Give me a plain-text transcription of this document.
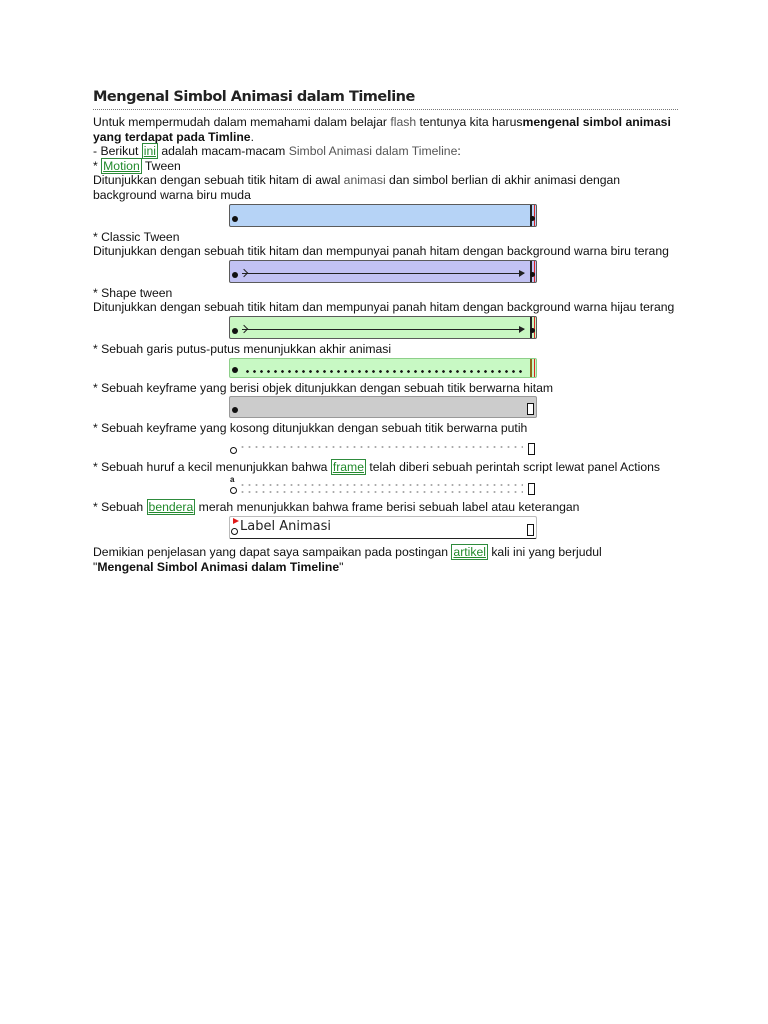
Mengenal Simbol Animasi dalam Timeline

Untuk mempermudah dalam memahami dalam belajar flash tentunya kita harusmengenal simbol animasi yang terdapat pada Timline.

- Berikut ini adalah macam-macam Simbol Animasi dalam Timeline:

* Motion Tween

Ditunjukkan dengan sebuah titik hitam di awal animasi dan simbol berlian di akhir animasi dengan background warna biru muda

* Classic Tween

Ditunjukkan dengan sebuah titik hitam dan mempunyai panah hitam dengan background warna biru terang

* Shape tween

Ditunjukkan dengan sebuah titik hitam dan mempunyai panah hitam dengan background warna hijau terang

* Sebuah garis putus-putus menunjukkan akhir animasi

* Sebuah keyframe yang berisi objek ditunjukkan dengan sebuah titik berwarna hitam

* Sebuah keyframe yang kosong ditunjukkan dengan sebuah titik berwarna putih

* Sebuah huruf a kecil menunjukkan bahwa frame telah diberi sebuah perintah script lewat panel Actions

a

* Sebuah bendera merah menunjukkan bahwa frame berisi sebuah label atau keterangan

Label Animasi

Demikian penjelasan yang dapat saya sampaikan pada postingan artikel kali ini yang berjudul
"Mengenal Simbol Animasi dalam Timeline"
